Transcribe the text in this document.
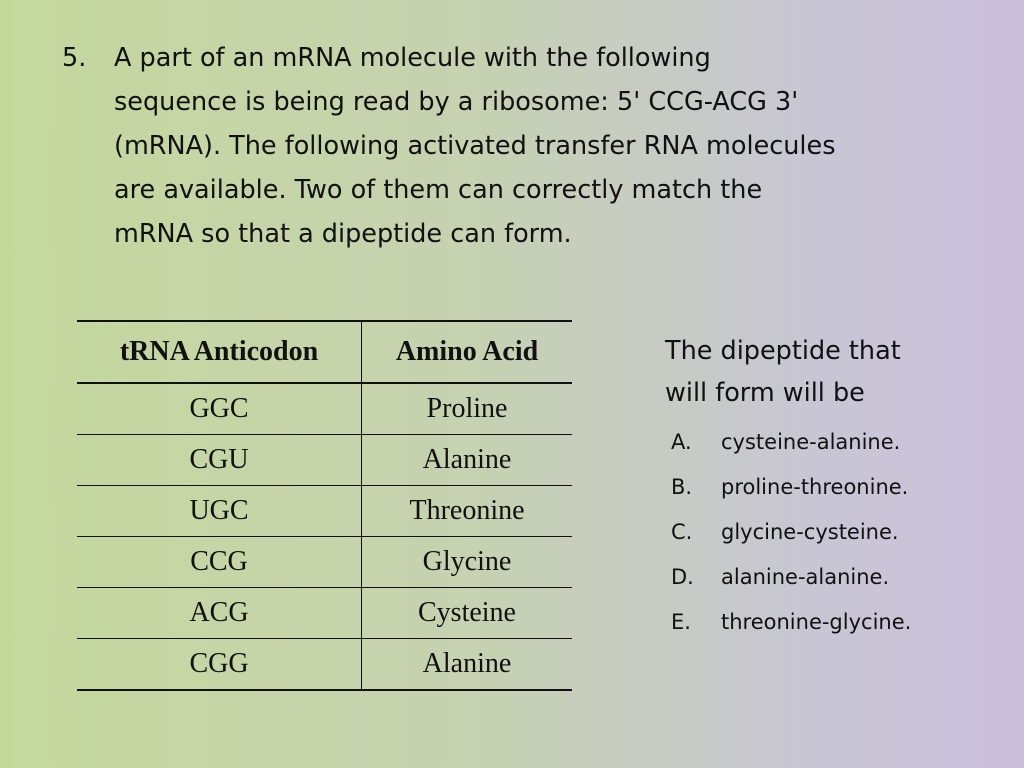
5. A part of an mRNA molecule with the following
sequence is being read by a ribosome: 5' CCG-ACG 3'
(mRNA). The following activated transfer RNA molecules
are available. Two of them can correctly match the
mRNA so that a dipeptide can form.
tRNA Anticodon	Amino Acid
GGC	Proline
CGU	Alanine
UGC	Threonine
CCG	Glycine
ACG	Cysteine
CGG	Alanine

The dipeptide that
will form will be

A.	cysteine-alanine.
B.	proline-threonine.
C.	glycine-cysteine.
D.	alanine-alanine.
E.	threonine-glycine.
